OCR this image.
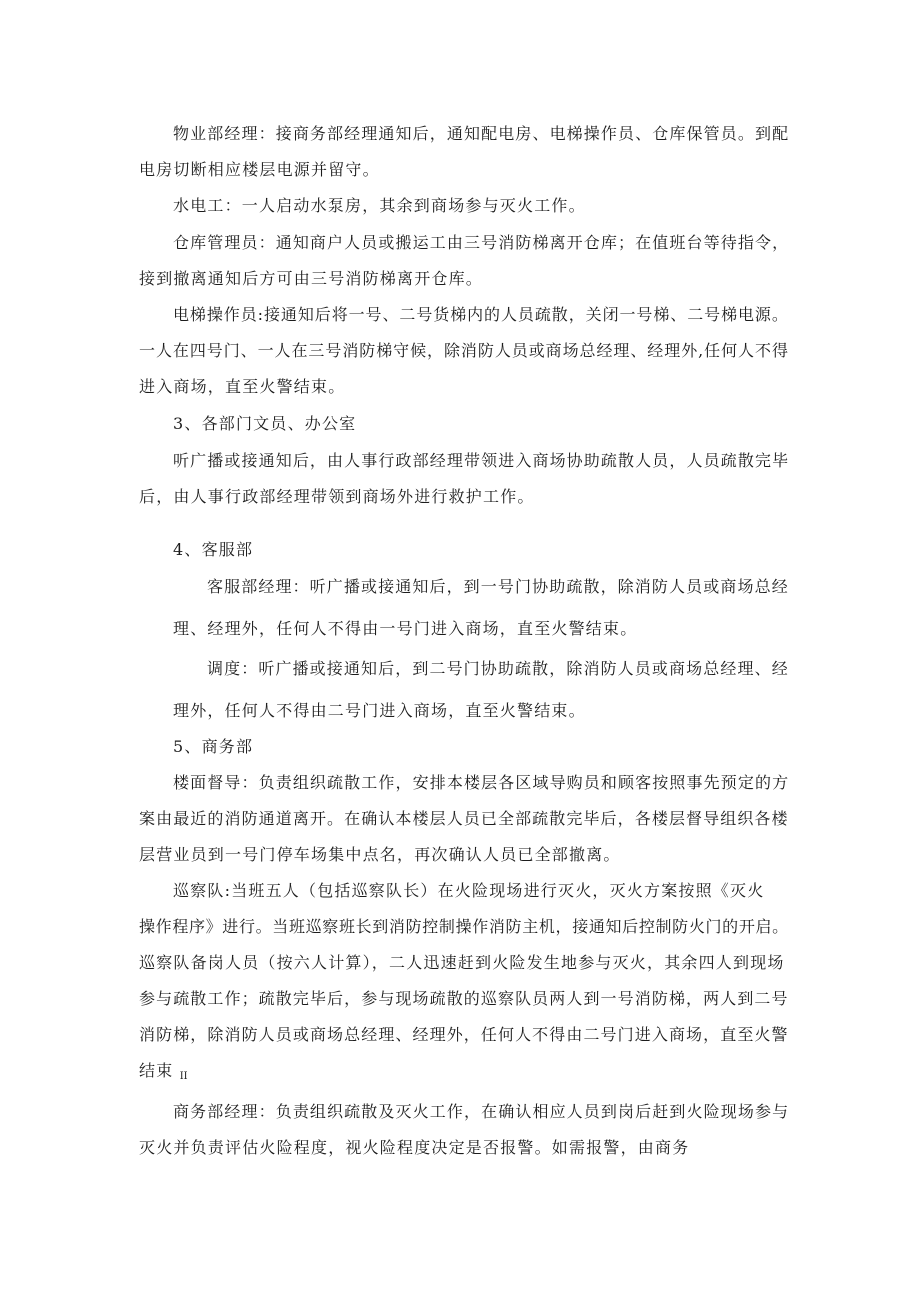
物业部经理：接商务部经理通知后，通知配电房、电梯操作员、仓库保管员。到配
电房切断相应楼层电源并留守。
水电工：一人启动水泵房，其余到商场参与灭火工作。
仓库管理员：通知商户人员或搬运工由三号消防梯离开仓库；在值班台等待指令，
接到撤离通知后方可由三号消防梯离开仓库。
电梯操作员:接通知后将一号、二号货梯内的人员疏散，关闭一号梯、二号梯电源。
一人在四号门、一人在三号消防梯守候，除消防人员或商场总经理、经理外,任何人不得
进入商场，直至火警结束。
3、各部门文员、办公室
听广播或接通知后，由人事行政部经理带领进入商场协助疏散人员，人员疏散完毕
后，由人事行政部经理带领到商场外进行救护工作。
4、客服部
客服部经理：听广播或接通知后，到一号门协助疏散，除消防人员或商场总经
理、经理外，任何人不得由一号门进入商场，直至火警结束。
调度：听广播或接通知后，到二号门协助疏散，除消防人员或商场总经理、经
理外，任何人不得由二号门进入商场，直至火警结束。
5、商务部
楼面督导：负责组织疏散工作，安排本楼层各区域导购员和顾客按照事先预定的方
案由最近的消防通道离开。在确认本楼层人员已全部疏散完毕后，各楼层督导组织各楼
层营业员到一号门停车场集中点名，再次确认人员已全部撤离。
巡察队:当班五人（包括巡察队长）在火险现场进行灭火，灭火方案按照《灭火
操作程序》进行。当班巡察班长到消防控制操作消防主机，接通知后控制防火门的开启。
巡察队备岗人员（按六人计算），二人迅速赶到火险发生地参与灭火，其余四人到现场
参与疏散工作；疏散完毕后，参与现场疏散的巡察队员两人到一号消防梯，两人到二号
消防梯，除消防人员或商场总经理、经理外，任何人不得由二号门进入商场，直至火警
结束 II
商务部经理：负责组织疏散及灭火工作，在确认相应人员到岗后赶到火险现场参与
灭火并负责评估火险程度，视火险程度决定是否报警。如需报警，由商务
